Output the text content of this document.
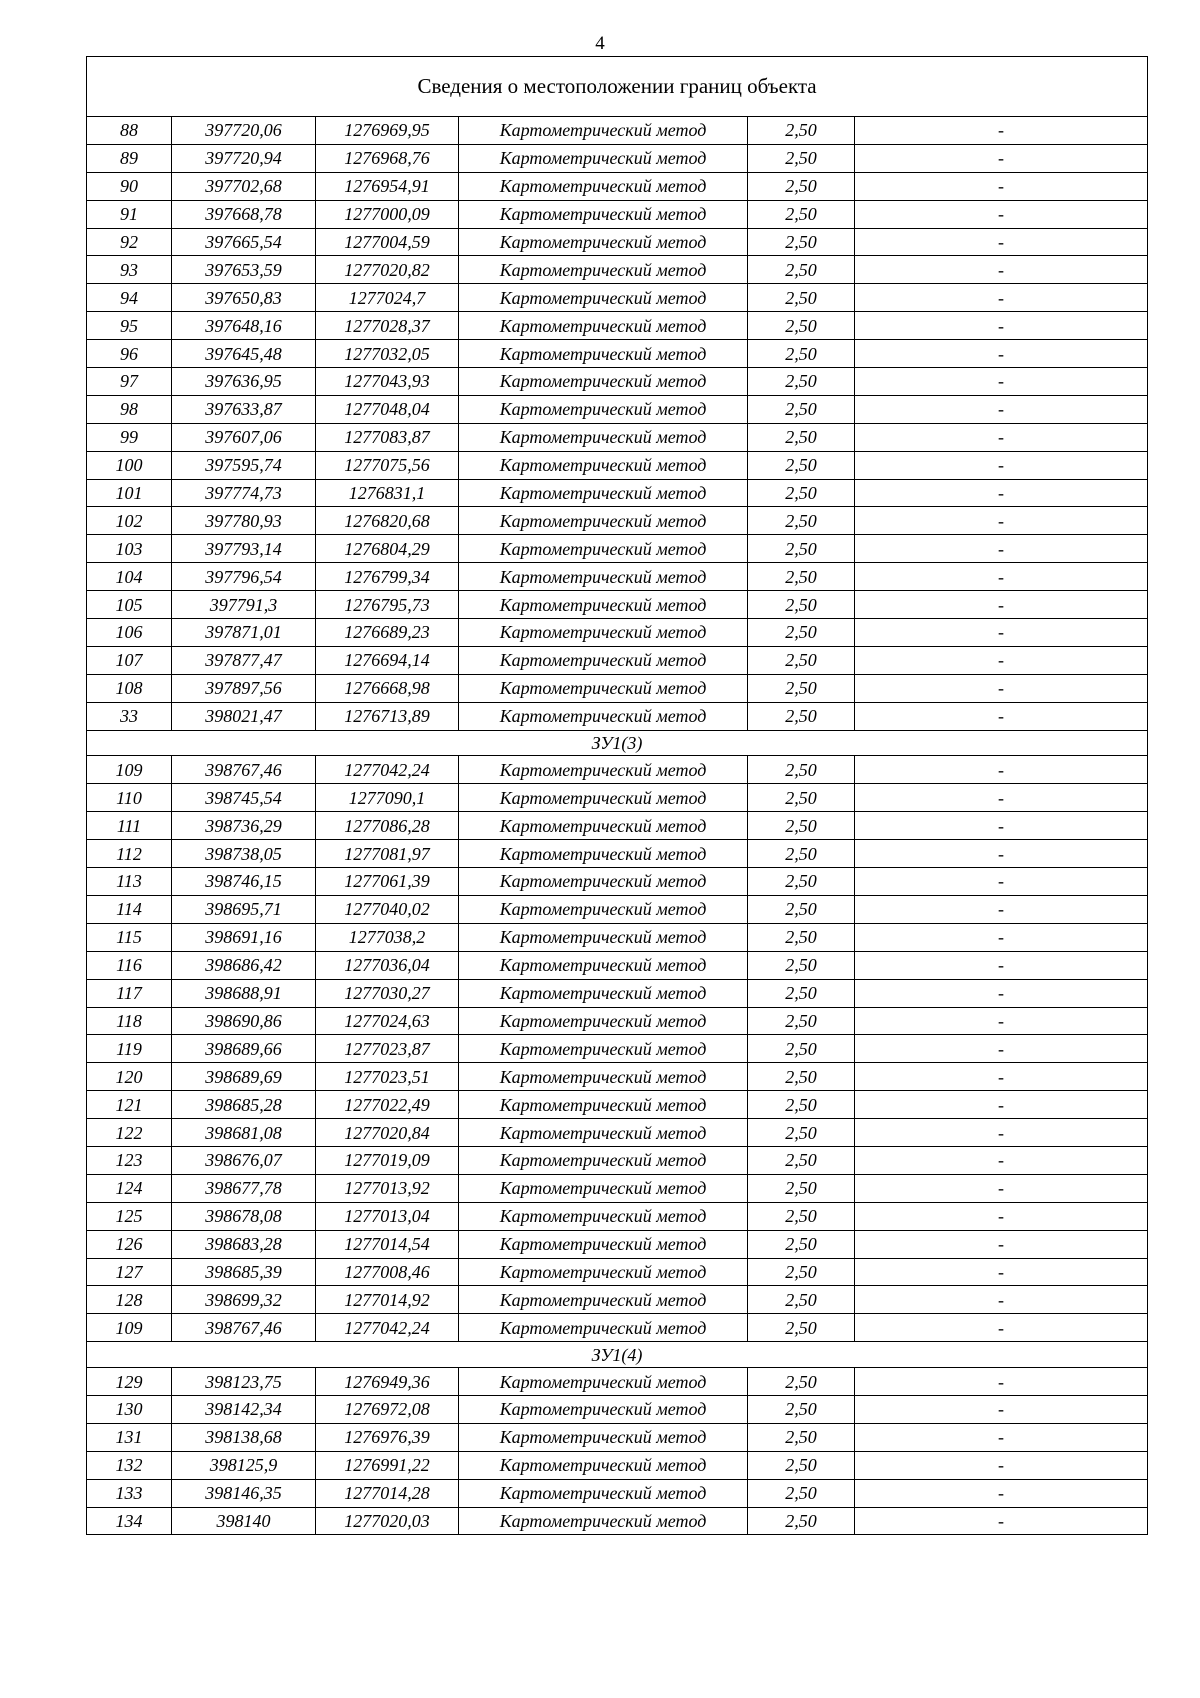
4
Сведения о местоположении границ объекта					
88	397720,06	1276969,95	Картометрический метод	2,50	-
89	397720,94	1276968,76	Картометрический метод	2,50	-
90	397702,68	1276954,91	Картометрический метод	2,50	-
91	397668,78	1277000,09	Картометрический метод	2,50	-
92	397665,54	1277004,59	Картометрический метод	2,50	-
93	397653,59	1277020,82	Картометрический метод	2,50	-
94	397650,83	1277024,7	Картометрический метод	2,50	-
95	397648,16	1277028,37	Картометрический метод	2,50	-
96	397645,48	1277032,05	Картометрический метод	2,50	-
97	397636,95	1277043,93	Картометрический метод	2,50	-
98	397633,87	1277048,04	Картометрический метод	2,50	-
99	397607,06	1277083,87	Картометрический метод	2,50	-
100	397595,74	1277075,56	Картометрический метод	2,50	-
101	397774,73	1276831,1	Картометрический метод	2,50	-
102	397780,93	1276820,68	Картометрический метод	2,50	-
103	397793,14	1276804,29	Картометрический метод	2,50	-
104	397796,54	1276799,34	Картометрический метод	2,50	-
105	397791,3	1276795,73	Картометрический метод	2,50	-
106	397871,01	1276689,23	Картометрический метод	2,50	-
107	397877,47	1276694,14	Картометрический метод	2,50	-
108	397897,56	1276668,98	Картометрический метод	2,50	-
33	398021,47	1276713,89	Картометрический метод	2,50	-
ЗУ1(3)					
109	398767,46	1277042,24	Картометрический метод	2,50	-
110	398745,54	1277090,1	Картометрический метод	2,50	-
111	398736,29	1277086,28	Картометрический метод	2,50	-
112	398738,05	1277081,97	Картометрический метод	2,50	-
113	398746,15	1277061,39	Картометрический метод	2,50	-
114	398695,71	1277040,02	Картометрический метод	2,50	-
115	398691,16	1277038,2	Картометрический метод	2,50	-
116	398686,42	1277036,04	Картометрический метод	2,50	-
117	398688,91	1277030,27	Картометрический метод	2,50	-
118	398690,86	1277024,63	Картометрический метод	2,50	-
119	398689,66	1277023,87	Картометрический метод	2,50	-
120	398689,69	1277023,51	Картометрический метод	2,50	-
121	398685,28	1277022,49	Картометрический метод	2,50	-
122	398681,08	1277020,84	Картометрический метод	2,50	-
123	398676,07	1277019,09	Картометрический метод	2,50	-
124	398677,78	1277013,92	Картометрический метод	2,50	-
125	398678,08	1277013,04	Картометрический метод	2,50	-
126	398683,28	1277014,54	Картометрический метод	2,50	-
127	398685,39	1277008,46	Картометрический метод	2,50	-
128	398699,32	1277014,92	Картометрический метод	2,50	-
109	398767,46	1277042,24	Картометрический метод	2,50	-
ЗУ1(4)					
129	398123,75	1276949,36	Картометрический метод	2,50	-
130	398142,34	1276972,08	Картометрический метод	2,50	-
131	398138,68	1276976,39	Картометрический метод	2,50	-
132	398125,9	1276991,22	Картометрический метод	2,50	-
133	398146,35	1277014,28	Картометрический метод	2,50	-
134	398140	1277020,03	Картометрический метод	2,50	-
